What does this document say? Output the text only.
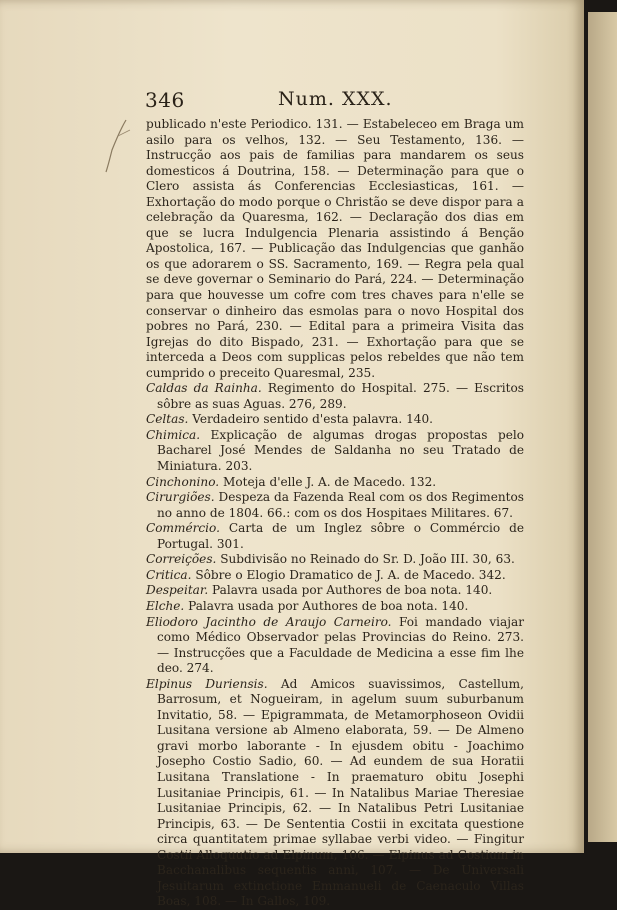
346	Num. XXX.

publicado n'este Periodico. 131. — Estabeleceo em Braga um asilo para os velhos, 132. — Seu Testamento, 136. — Instrucção aos pais de familias para mandarem os seus domesticos á Doutrina, 158. — Determinação para que o Clero assista ás Conferencias Ecclesiasticas, 161. — Exhortação do modo porque o Christão se deve dispor para a celebração da Quaresma, 162. — Declaração dos dias em que se lucra Indulgencia Plenaria assistindo á Benção Apostolica, 167. — Publicação das Indulgencias que ganhão os que adorarem o SS. Sacramento, 169. — Regra pela qual se deve governar o Seminario do Pará, 224. — Determinação para que houvesse um cofre com tres chaves para n'elle se conservar o dinheiro das esmolas para o novo Hospital dos pobres no Pará, 230. — Edital para a primeira Visita das Igrejas do dito Bispado, 231. — Exhortação para que se interceda a Deos com supplicas pelos rebeldes que não tem cumprido o preceito Quaresmal, 235.

Caldas da Rainha. Regimento do Hospital. 275. — Escritos sôbre as suas Aguas. 276, 289.

Celtas. Verdadeiro sentido d'esta palavra. 140.

Chimica. Explicação de algumas drogas propostas pelo Bacharel José Mendes de Saldanha no seu Tratado de Miniatura. 203.

Cinchonino. Moteja d'elle J. A. de Macedo. 132.

Cirurgiões. Despeza da Fazenda Real com os dos Regimentos no anno de 1804. 66.: com os dos Hospitaes Militares. 67.

Commércio. Carta de um Inglez sôbre o Commércio de Portugal. 301.

Correições. Subdivisão no Reinado do Sr. D. João III. 30, 63.

Critica. Sôbre o Elogio Dramatico de J. A. de Macedo. 342.

Despeitar. Palavra usada por Authores de boa nota. 140.

Elche. Palavra usada por Authores de boa nota. 140.

Eliodoro Jacintho de Araujo Carneiro. Foi mandado viajar como Médico Observador pelas Provincias do Reino. 273. — Instrucções que a Faculdade de Medicina a esse fim lhe deo. 274.

Elpinus Duriensis. Ad Amicos suavissimos, Castellum, Barrosum, et Nogueiram, in agelum suum suburbanum Invitatio, 58. — Epigrammata, de Metamorphoseon Ovidii Lusitana versione ab Almeno elaborata, 59. — De Almeno gravi morbo laborante - In ejusdem obitu - Joachimo Josepho Costio Sadio, 60. — Ad eundem de sua Horatii Lusitana Translatione - In praematuro obitu Josephi Lusitaniae Principis, 61. — In Natalibus Mariae Theresiae Lusitaniae Principis, 62. — In Natalibus Petri Lusitaniae Principis, 63. — De Sententia Costii in excitata questione circa quantitatem primae syllabae verbi video. — Fingitur Costii Alloquutio ad Elpinum, 106. — Elpinus ad Costium in Bacchanalibus sequentis anni, 107. — De Universali Jesuitarum extinctione Emmanueli de Caenaculo Villas Boas, 108. — In Gallos, 109.
